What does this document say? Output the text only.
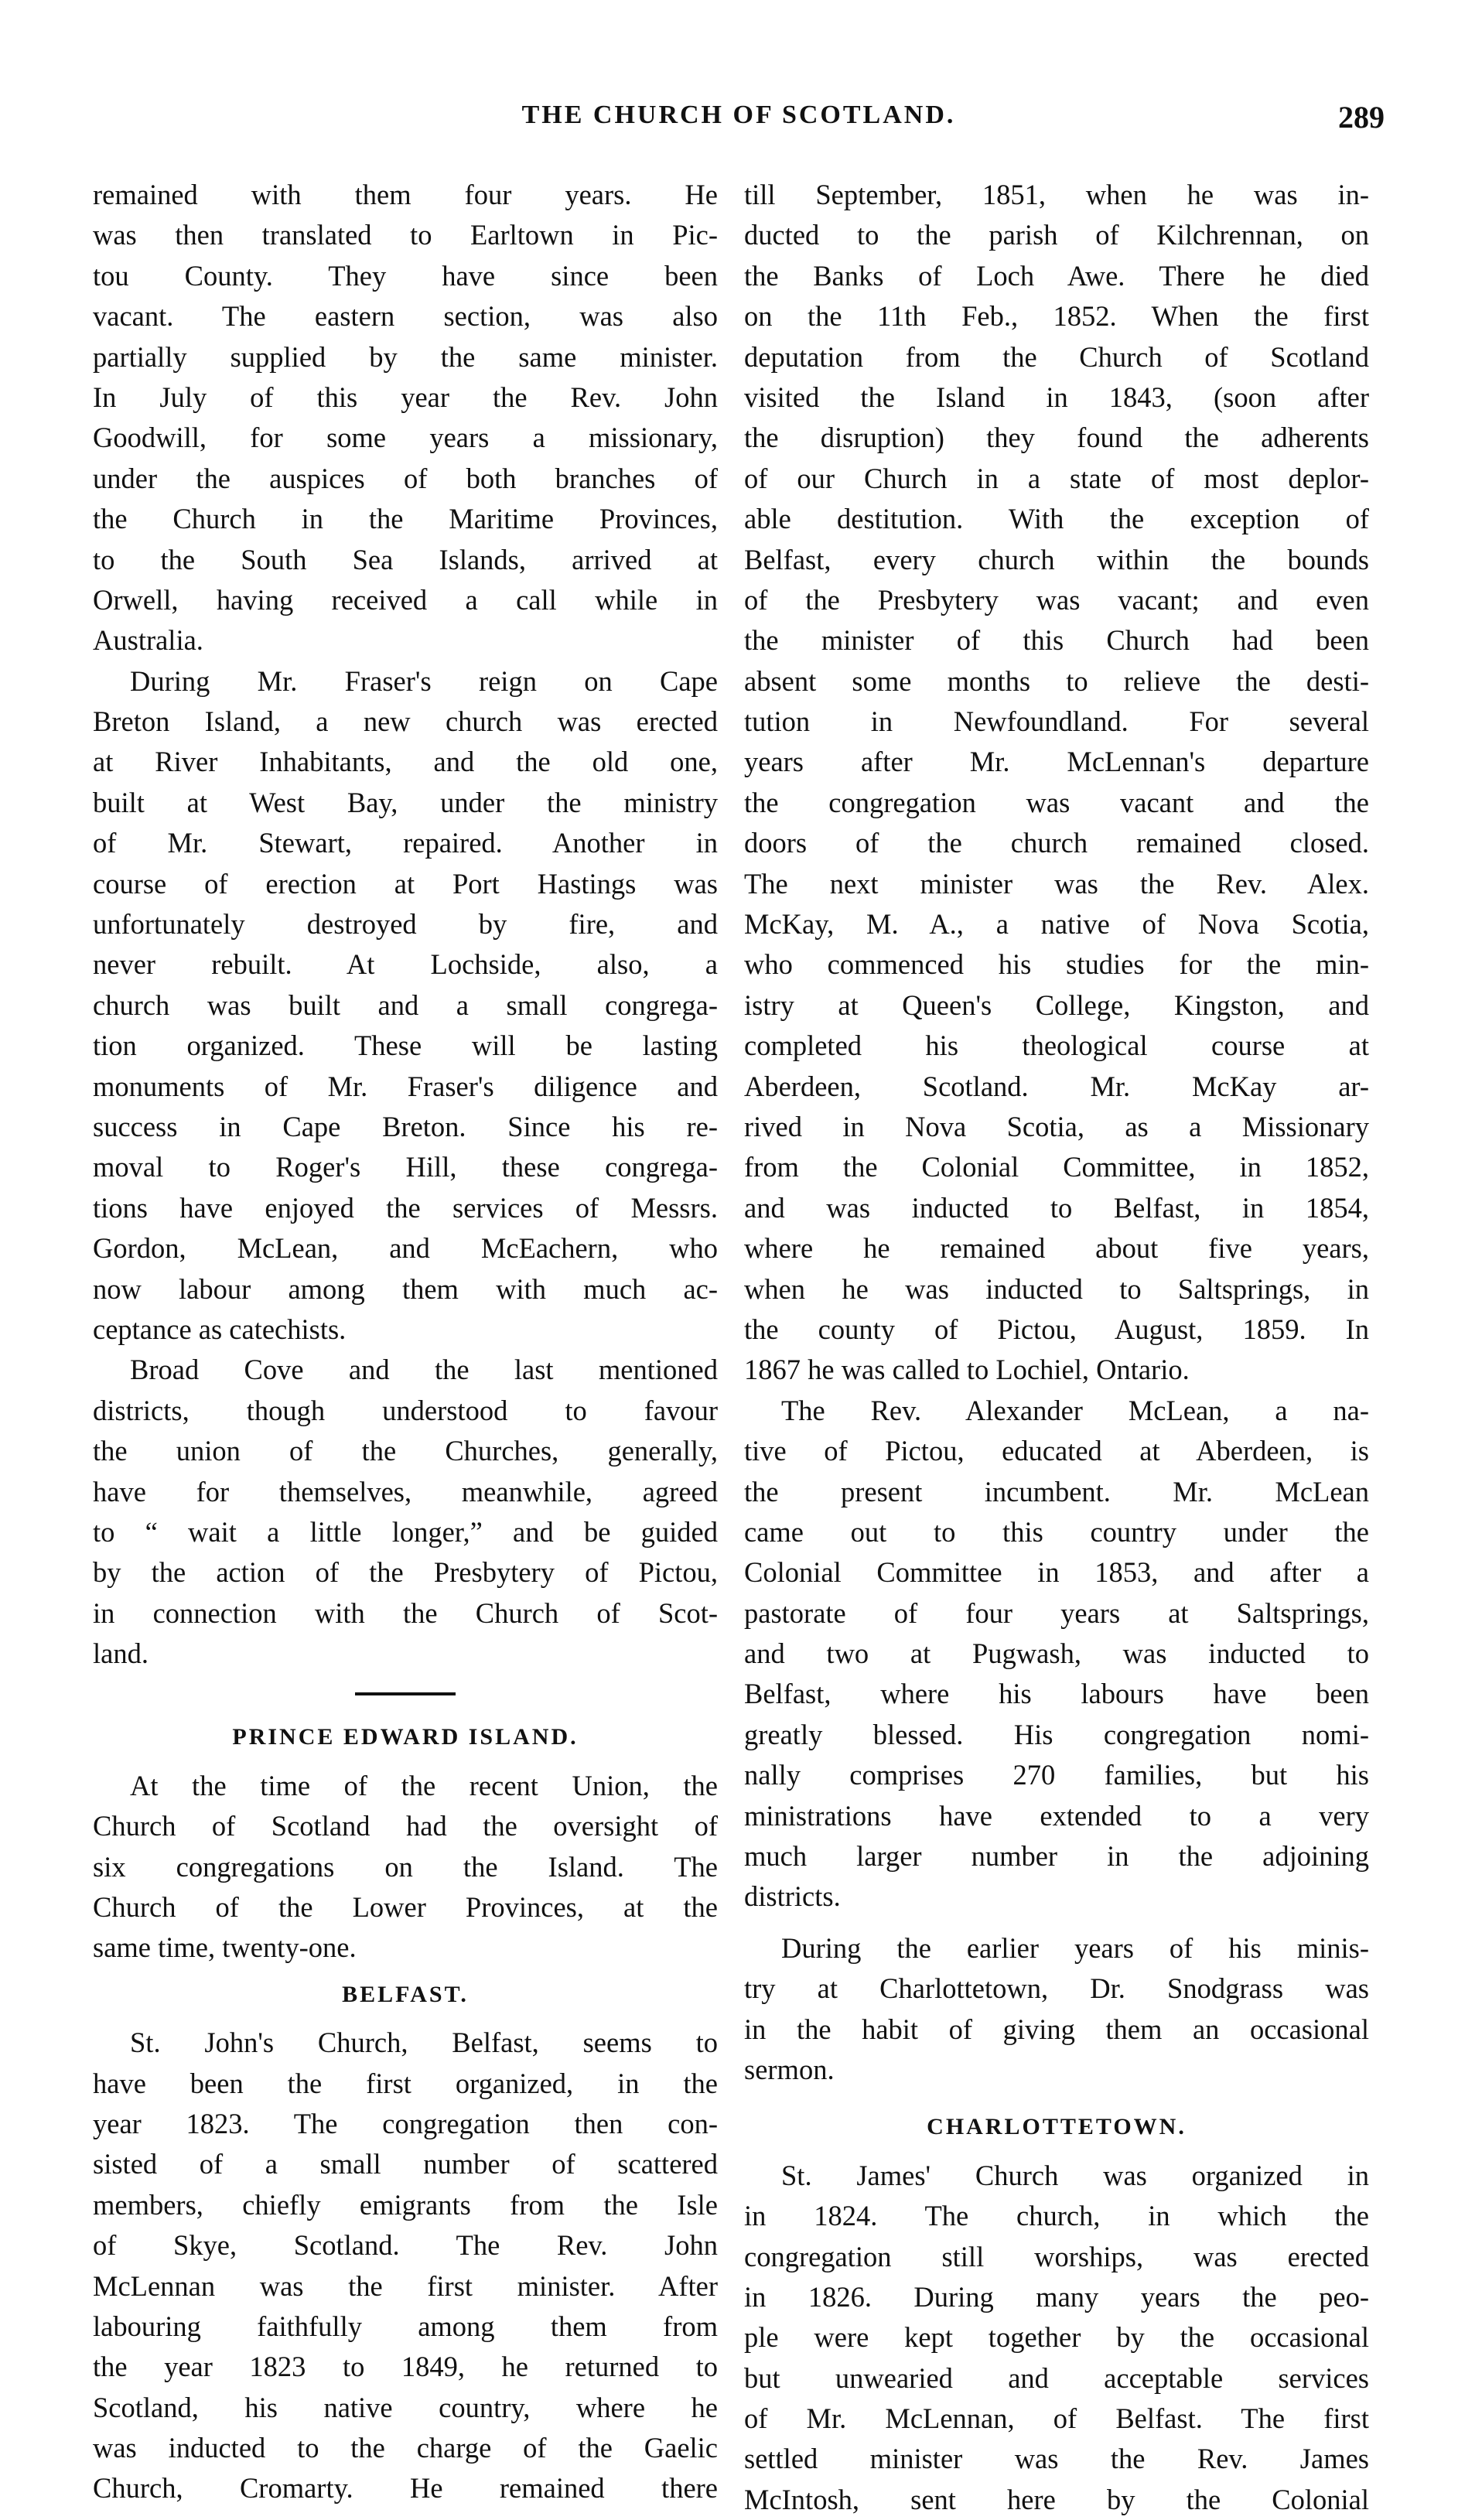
THE CHURCH OF SCOTLAND.	289
remained with them four years. He
was then translated to Earltown in Pic-
tou County. They have since been
vacant. The eastern section, was also
partially supplied by the same minister.
In July of this year the Rev. John
Goodwill, for some years a missionary,
under the auspices of both branches of
the Church in the Maritime Provinces,
to the South Sea Islands, arrived at
Orwell, having received a call while in
Australia.
During Mr. Fraser's reign on Cape
Breton Island, a new church was erected
at River Inhabitants, and the old one,
built at West Bay, under the ministry
of Mr. Stewart, repaired. Another in
course of erection at Port Hastings was
unfortunately destroyed by fire, and
never rebuilt. At Lochside, also, a
church was built and a small congrega-
tion organized. These will be lasting
monuments of Mr. Fraser's diligence and
success in Cape Breton. Since his re-
moval to Roger's Hill, these congrega-
tions have enjoyed the services of Messrs.
Gordon, McLean, and McEachern, who
now labour among them with much ac-
ceptance as catechists.
Broad Cove and the last mentioned
districts, though understood to favour
the union of the Churches, generally,
have for themselves, meanwhile, agreed
to “ wait a little longer,” and be guided
by the action of the Presbytery of Pictou,
in connection with the Church of Scot-
land.
PRINCE EDWARD ISLAND.
At the time of the recent Union, the
Church of Scotland had the oversight of
six congregations on the Island. The
Church of the Lower Provinces, at the
same time, twenty-one.
BELFAST.
St. John's Church, Belfast, seems to
have been the first organized, in the
year 1823. The congregation then con-
sisted of a small number of scattered
members, chiefly emigrants from the Isle
of Skye, Scotland. The Rev. John
McLennan was the first minister. After
labouring faithfully among them from
the year 1823 to 1849, he returned to
Scotland, his native country, where he
was inducted to the charge of the Gaelic
Church, Cromarty. He remained there
till September, 1851, when he was in-
ducted to the parish of Kilchrennan, on
the Banks of Loch Awe. There he died
on the 11th Feb., 1852. When the first
deputation from the Church of Scotland
visited the Island in 1843, (soon after
the disruption) they found the adherents
of our Church in a state of most deplor-
able destitution. With the exception of
Belfast, every church within the bounds
of the Presbytery was vacant; and even
the minister of this Church had been
absent some months to relieve the desti-
tution in Newfoundland. For several
years after Mr. McLennan's departure
the congregation was vacant and the
doors of the church remained closed.
The next minister was the Rev. Alex.
McKay, M. A., a native of Nova Scotia,
who commenced his studies for the min-
istry at Queen's College, Kingston, and
completed his theological course at
Aberdeen, Scotland. Mr. McKay ar-
rived in Nova Scotia, as a Missionary
from the Colonial Committee, in 1852,
and was inducted to Belfast, in 1854,
where he remained about five years,
when he was inducted to Saltsprings, in
the county of Pictou, August, 1859. In
1867 he was called to Lochiel, Ontario.
The Rev. Alexander McLean, a na-
tive of Pictou, educated at Aberdeen, is
the present incumbent. Mr. McLean
came out to this country under the
Colonial Committee in 1853, and after a
pastorate of four years at Saltsprings,
and two at Pugwash, was inducted to
Belfast, where his labours have been
greatly blessed. His congregation nomi-
nally comprises 270 families, but his
ministrations have extended to a very
much larger number in the adjoining
districts.
During the earlier years of his minis-
try at Charlottetown, Dr. Snodgrass was
in the habit of giving them an occasional
sermon.
CHARLOTTETOWN.
St. James' Church was organized in
in 1824. The church, in which the
congregation still worships, was erected
in 1826. During many years the peo-
ple were kept together by the occasional
but unwearied and acceptable services
of Mr. McLennan, of Belfast. The first
settled minister was the Rev. James
McIntosh, sent here by the Colonial
